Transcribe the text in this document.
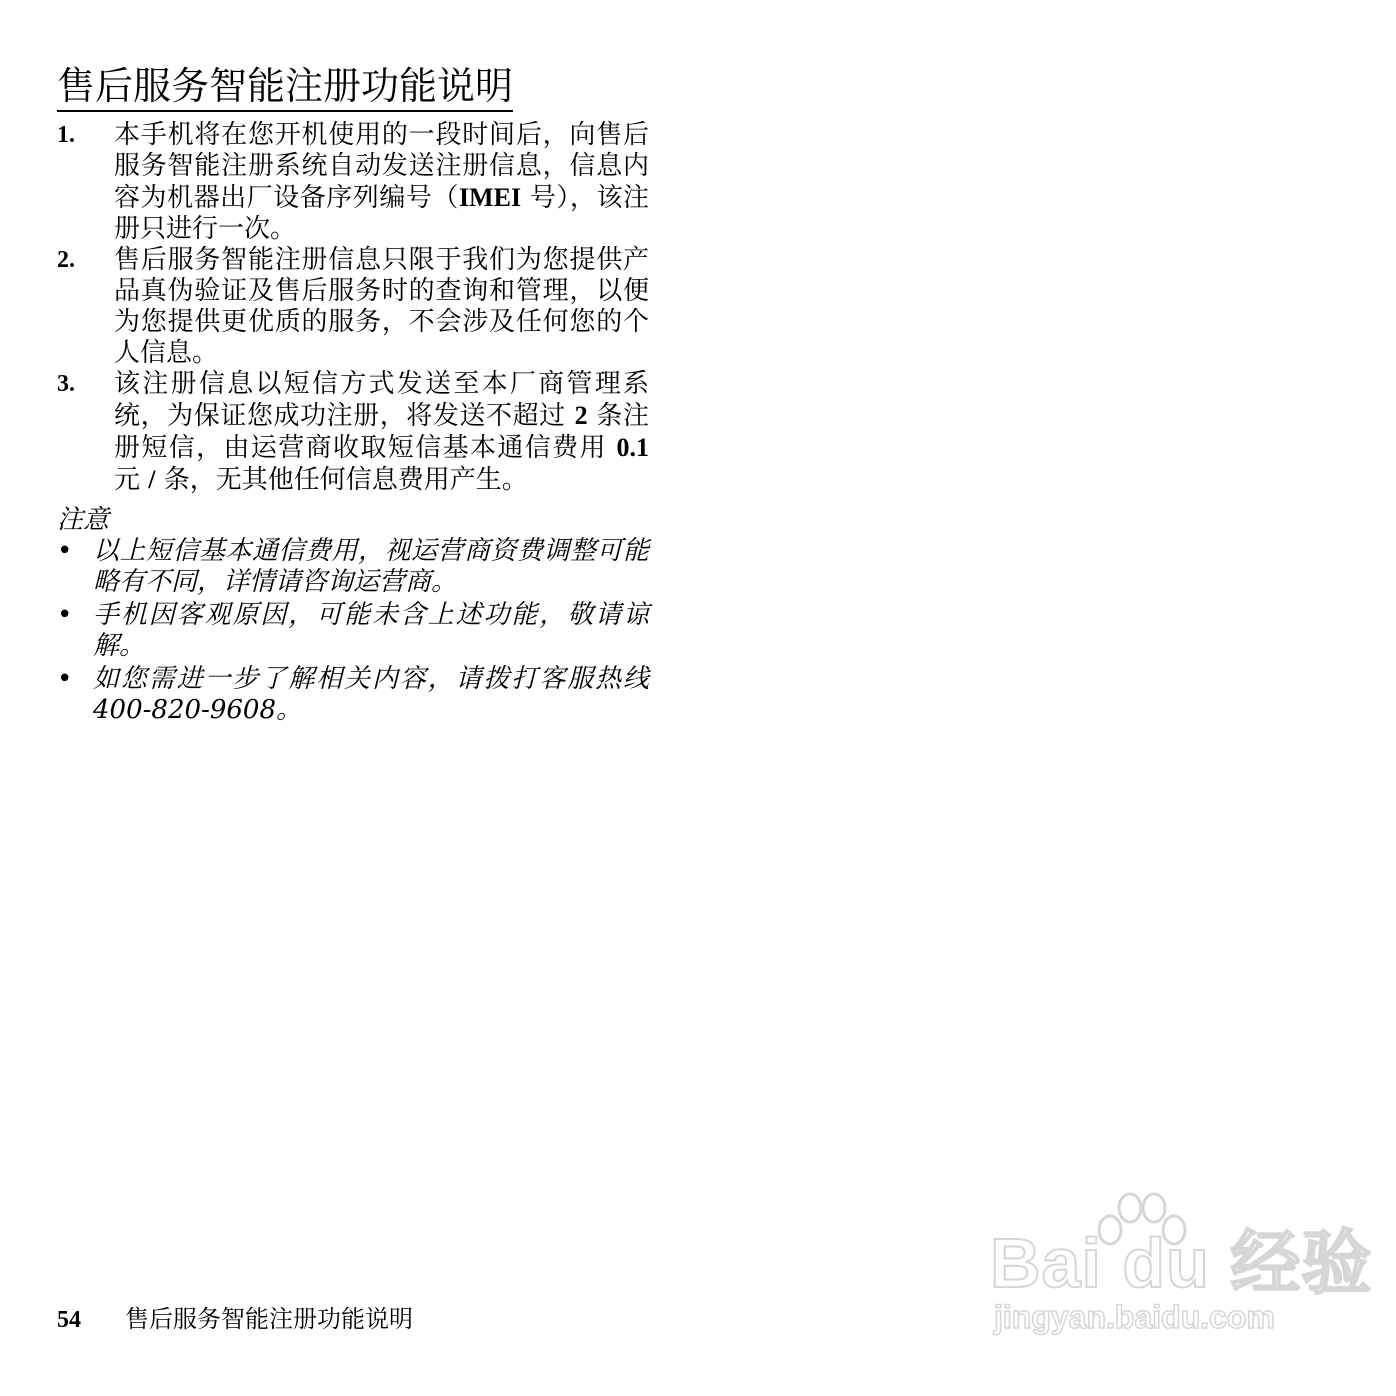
售后服务智能注册功能说明
1. 本手机将在您开机使用的一段时间后，向售后服务智能注册系统自动发送注册信息，信息内容为机器出厂设备序列编号（IMEI 号），该注册只进行一次。
2. 售后服务智能注册信息只限于我们为您提供产品真伪验证及售后服务时的查询和管理，以便为您提供更优质的服务，不会涉及任何您的个人信息。
3. 该注册信息以短信方式发送至本厂商管理系统，为保证您成功注册，将发送不超过 2 条注册短信，由运营商收取短信基本通信费用 0.1 元 / 条，无其他任何信息费用产生。
注意
• 以上短信基本通信费用，视运营商资费调整可能略有不同，详情请咨询运营商。
• 手机因客观原因，可能未含上述功能，敬请谅解。
• 如您需进一步了解相关内容，请拨打客服热线 400-820-9608。
54 售后服务智能注册功能说明
Bai du 经验
jingyan.baidu.com
